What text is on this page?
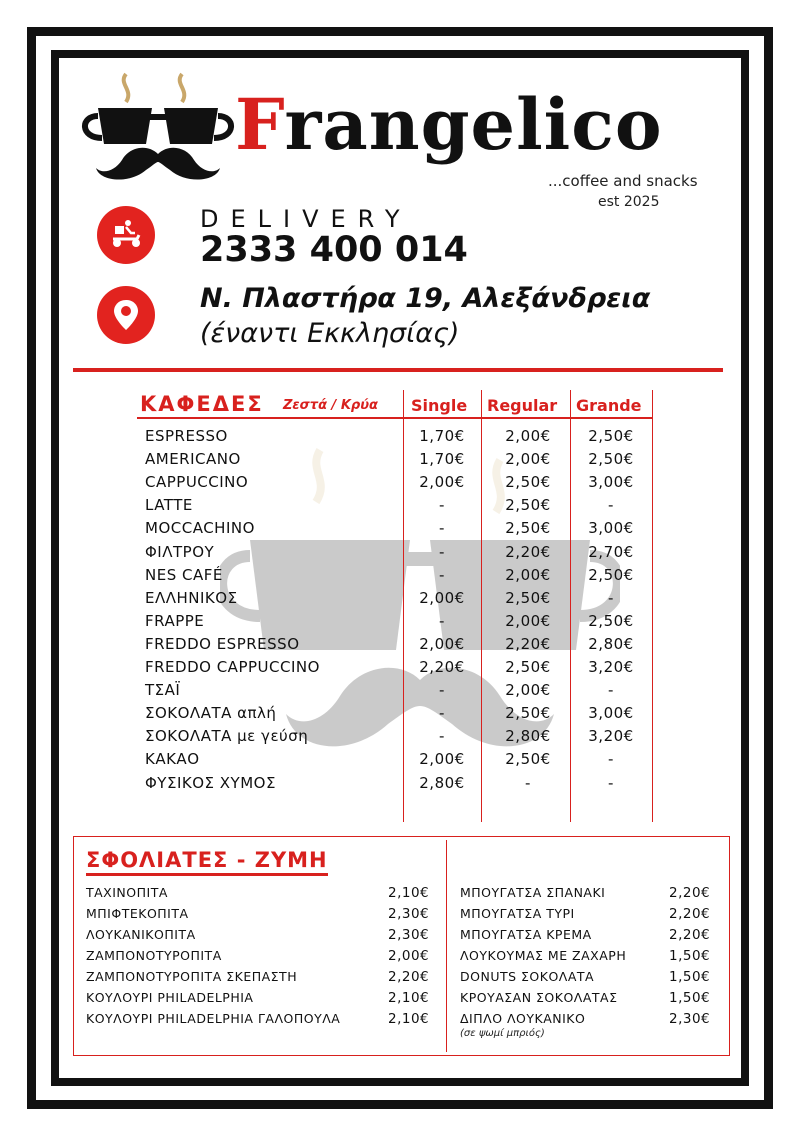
Frangelico
...coffee and snacks
est 2025
DELIVERY
2333 400 014
Ν. Πλαστήρα 19, Αλεξάνδρεια
(έναντι Εκκλησίας)
ΚΑΦΕΔΕΣ Ζεστά / Κρύα Single Regular Grande
ESPRESSO	1,70€	2,00€	2,50€
AMERICANO	1,70€	2,00€	2,50€
CAPPUCCINO	2,00€	2,50€	3,00€
LATTE	-	2,50€	-
MOCCACHINO	-	2,50€	3,00€
ΦΙΛΤΡΟΥ	-	2,20€	2,70€
NES CAFÉ	-	2,00€	2,50€
ΕΛΛΗΝΙΚΟΣ	2,00€	2,50€	-
FRAPPE	-	2,00€	2,50€
FREDDO ESPRESSO	2,00€	2,20€	2,80€
FREDDO CAPPUCCINO	2,20€	2,50€	3,20€
ΤΣΑΪ	-	2,00€	-
ΣΟΚΟΛΑΤΑ απλή	-	2,50€	3,00€
ΣΟΚΟΛΑΤΑ με γεύση	-	2,80€	3,20€
ΚΑΚΑΟ	2,00€	2,50€	-
ΦΥΣΙΚΟΣ ΧΥΜΟΣ	2,80€	-	-
ΣΦΟΛΙΑΤΕΣ - ΖΥΜΗ
ΤΑΧΙΝΟΠΙΤΑ	2,10€
ΜΠΙΦΤΕΚΟΠΙΤΑ	2,30€
ΛΟΥΚΑΝΙΚΟΠΙΤΑ	2,30€
ΖΑΜΠΟΝΟΤΥΡΟΠΙΤΑ	2,00€
ΖΑΜΠΟΝΟΤΥΡΟΠΙΤΑ ΣΚΕΠΑΣΤΗ	2,20€
ΚΟΥΛΟΥΡΙ PHILADELPHIA	2,10€
ΚΟΥΛΟΥΡΙ PHILADELPHIA ΓΑΛΟΠΟΥΛΑ	2,10€
ΜΠΟΥΓΑΤΣΑ ΣΠΑΝΑΚΙ	2,20€
ΜΠΟΥΓΑΤΣΑ ΤΥΡΙ	2,20€
ΜΠΟΥΓΑΤΣΑ ΚΡΕΜΑ	2,20€
ΛΟΥΚΟΥΜΑΣ ΜΕ ΖΑΧΑΡΗ	1,50€
DONUTS ΣΟΚΟΛΑΤΑ	1,50€
ΚΡΟΥΑΣΑΝ ΣΟΚΟΛΑΤΑΣ	1,50€
ΔΙΠΛΟ ΛΟΥΚΑΝΙΚΟ	2,30€
(σε ψωμί μπριός)
